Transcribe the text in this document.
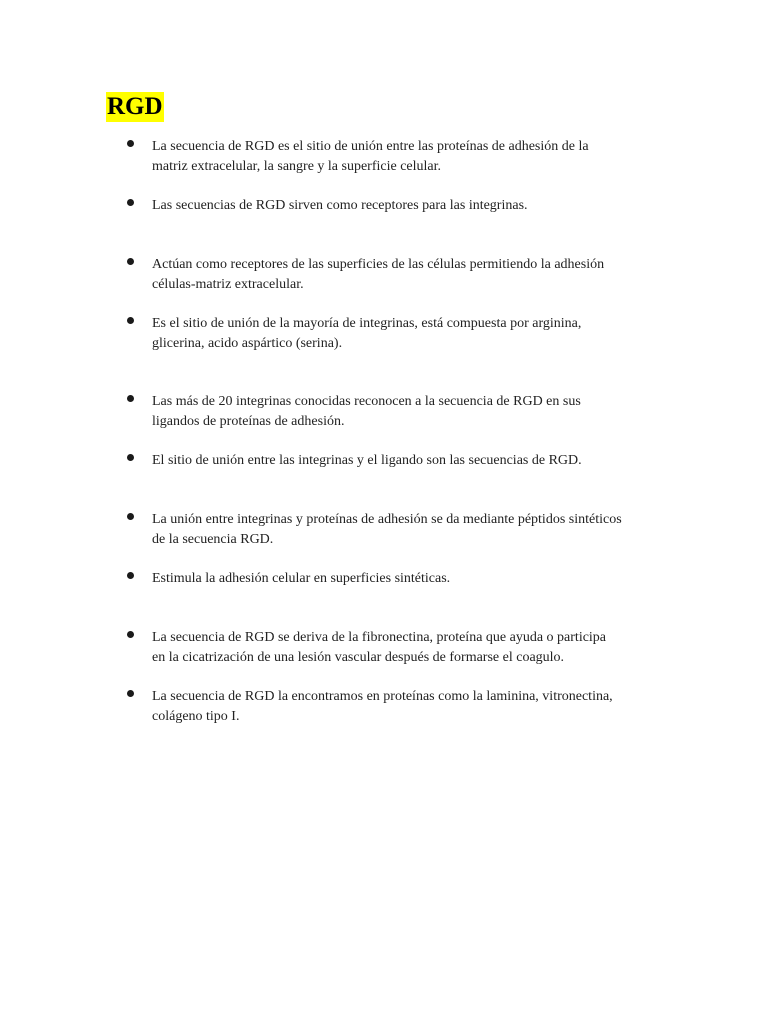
RGD
La secuencia de RGD es el sitio de unión entre las proteínas de adhesión de la
matriz extracelular, la sangre y la superficie celular.
Las secuencias de RGD sirven como receptores para las integrinas.
Actúan como receptores de las superficies de las células permitiendo la adhesión
células-matriz extracelular.
Es el sitio de unión de la mayoría de integrinas, está compuesta por arginina,
glicerina, acido aspártico (serina).
Las más de 20 integrinas conocidas reconocen a la secuencia de RGD en sus
ligandos de proteínas de adhesión.
El sitio de unión entre las integrinas y el ligando son las secuencias de RGD.
La unión entre integrinas y proteínas de adhesión se da mediante péptidos sintéticos
de la secuencia RGD.
Estimula la adhesión celular en superficies sintéticas.
La secuencia de RGD se deriva de la fibronectina, proteína que ayuda o participa
en la cicatrización de una lesión vascular después de formarse el coagulo.
La secuencia de RGD la encontramos en proteínas como la laminina, vitronectina,
colágeno tipo I.
